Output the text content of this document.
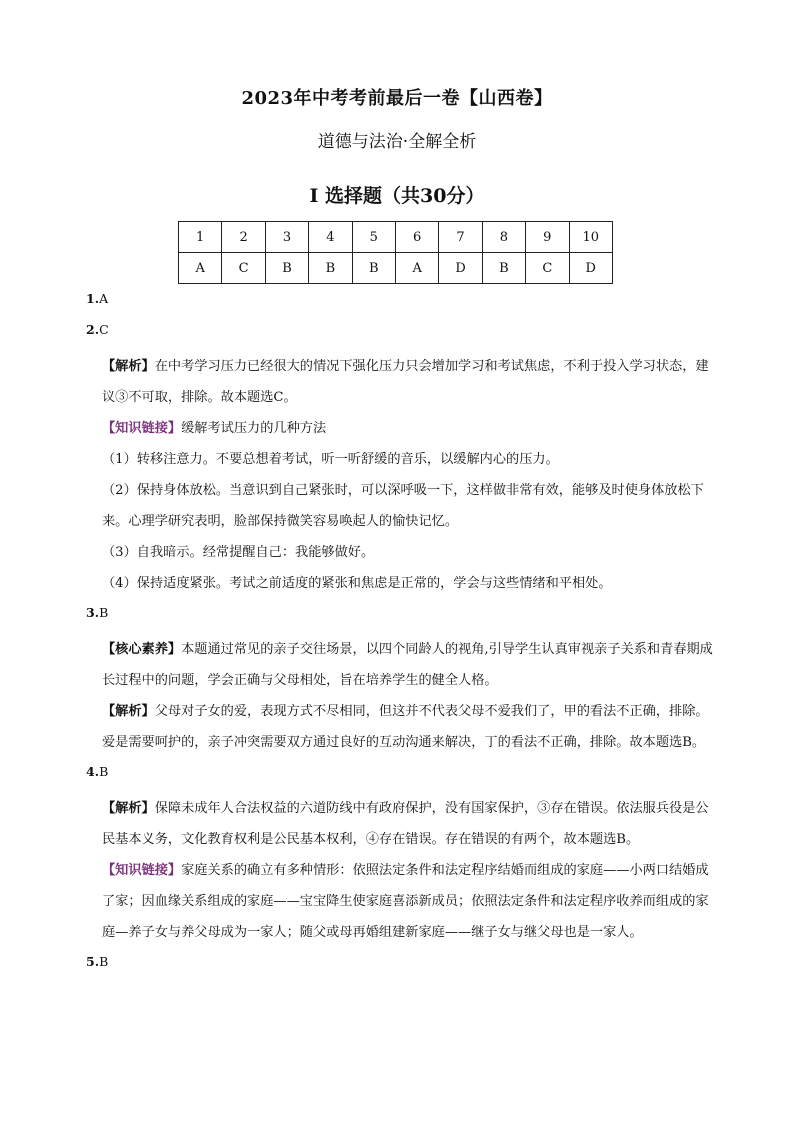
2023年中考考前最后一卷【山西卷】
道德与法治·全解全析
Ⅰ 选择题（共30分）
1	2	3	4	5	6	7	8	9	10
A	C	B	B	B	A	D	B	C	D
1.A
2.C
【解析】在中考学习压力已经很大的情况下强化压力只会增加学习和考试焦虑，不利于投入学习状态，建议③不可取，排除。故本题选C。
【知识链接】缓解考试压力的几种方法
（1）转移注意力。不要总想着考试，听一听舒缓的音乐，以缓解内心的压力。
（2）保持身体放松。当意识到自己紧张时，可以深呼吸一下，这样做非常有效，能够及时使身体放松下来。心理学研究表明，脸部保持微笑容易唤起人的愉快记忆。
（3）自我暗示。经常提醒自己：我能够做好。
（4）保持适度紧张。考试之前适度的紧张和焦虑是正常的，学会与这些情绪和平相处。
3.B
【核心素养】本题通过常见的亲子交往场景，以四个同龄人的视角,引导学生认真审视亲子关系和青春期成长过程中的问题，学会正确与父母相处，旨在培养学生的健全人格。
【解析】父母对子女的爱，表现方式不尽相同，但这并不代表父母不爱我们了，甲的看法不正确，排除。爱是需要呵护的，亲子冲突需要双方通过良好的互动沟通来解决，丁的看法不正确，排除。故本题选B。
4.B
【解析】保障未成年人合法权益的六道防线中有政府保护，没有国家保护，③存在错误。依法服兵役是公民基本义务，文化教育权利是公民基本权利，④存在错误。存在错误的有两个，故本题选B。
【知识链接】家庭关系的确立有多种情形：依照法定条件和法定程序结婚而组成的家庭——小两口结婚成了家；因血缘关系组成的家庭——宝宝降生使家庭喜添新成员；依照法定条件和法定程序收养而组成的家庭—养子女与养父母成为一家人；随父或母再婚组建新家庭——继子女与继父母也是一家人。
5.B
